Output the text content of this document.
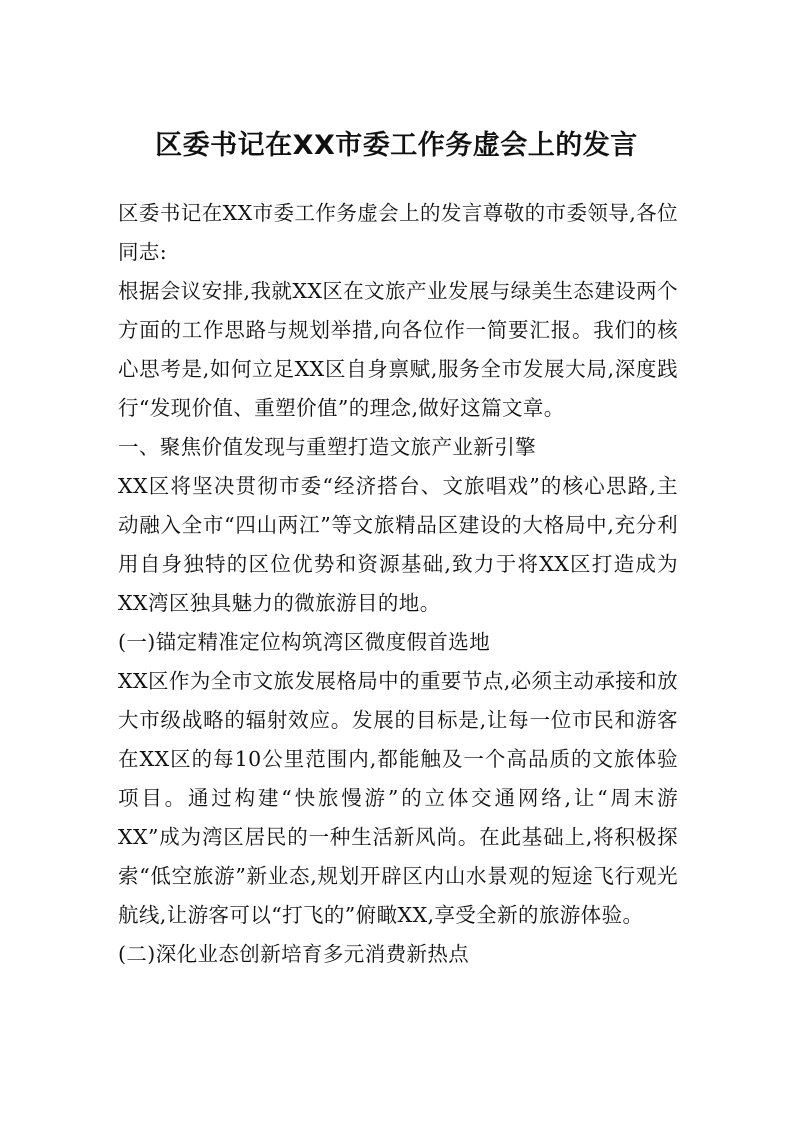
区委书记在XX市委工作务虚会上的发言

区委书记在XX市委工作务虚会上的发言尊敬的市委领导,各位同志:

根据会议安排,我就XX区在文旅产业发展与绿美生态建设两个方面的工作思路与规划举措,向各位作一简要汇报。我们的核心思考是,如何立足XX区自身禀赋,服务全市发展大局,深度践行“发现价值、重塑价值”的理念,做好这篇文章。

一、聚焦价值发现与重塑打造文旅产业新引擎

XX区将坚决贯彻市委“经济搭台、文旅唱戏”的核心思路,主动融入全市“四山两江”等文旅精品区建设的大格局中,充分利用自身独特的区位优势和资源基础,致力于将XX区打造成为XX湾区独具魅力的微旅游目的地。

(一)锚定精准定位构筑湾区微度假首选地

XX区作为全市文旅发展格局中的重要节点,必须主动承接和放大市级战略的辐射效应。发展的目标是,让每一位市民和游客在XX区的每10公里范围内,都能触及一个高品质的文旅体验项目。通过构建“快旅慢游”的立体交通网络,让“周末游XX”成为湾区居民的一种生活新风尚。在此基础上,将积极探索“低空旅游”新业态,规划开辟区内山水景观的短途飞行观光航线,让游客可以“打飞的”俯瞰XX,享受全新的旅游体验。

(二)深化业态创新培育多元消费新热点
